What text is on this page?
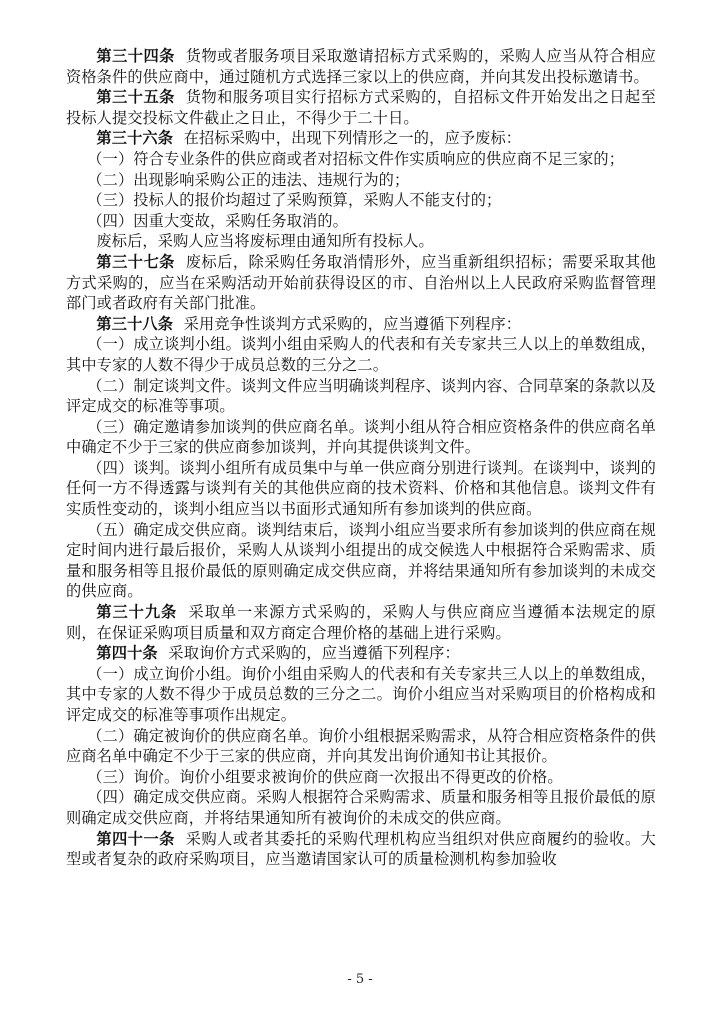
第三十四条 货物或者服务项目采取邀请招标方式采购的，采购人应当从符合相应资格条件的供应商中，通过随机方式选择三家以上的供应商，并向其发出投标邀请书。

第三十五条 货物和服务项目实行招标方式采购的，自招标文件开始发出之日起至投标人提交投标文件截止之日止，不得少于二十日。

第三十六条 在招标采购中，出现下列情形之一的，应予废标：

（一）符合专业条件的供应商或者对招标文件作实质响应的供应商不足三家的；

（二）出现影响采购公正的违法、违规行为的；

（三）投标人的报价均超过了采购预算，采购人不能支付的；

（四）因重大变故，采购任务取消的。

废标后，采购人应当将废标理由通知所有投标人。

第三十七条 废标后，除采购任务取消情形外，应当重新组织招标；需要采取其他方式采购的，应当在采购活动开始前获得设区的市、自治州以上人民政府采购监督管理部门或者政府有关部门批准。

第三十八条 采用竞争性谈判方式采购的，应当遵循下列程序：

（一）成立谈判小组。谈判小组由采购人的代表和有关专家共三人以上的单数组成，其中专家的人数不得少于成员总数的三分之二。

（二）制定谈判文件。谈判文件应当明确谈判程序、谈判内容、合同草案的条款以及评定成交的标准等事项。

（三）确定邀请参加谈判的供应商名单。谈判小组从符合相应资格条件的供应商名单中确定不少于三家的供应商参加谈判，并向其提供谈判文件。

（四）谈判。谈判小组所有成员集中与单一供应商分别进行谈判。在谈判中，谈判的任何一方不得透露与谈判有关的其他供应商的技术资料、价格和其他信息。谈判文件有实质性变动的，谈判小组应当以书面形式通知所有参加谈判的供应商。

（五）确定成交供应商。谈判结束后，谈判小组应当要求所有参加谈判的供应商在规定时间内进行最后报价，采购人从谈判小组提出的成交候选人中根据符合采购需求、质量和服务相等且报价最低的原则确定成交供应商，并将结果通知所有参加谈判的未成交的供应商。

第三十九条 采取单一来源方式采购的，采购人与供应商应当遵循本法规定的原则，在保证采购项目质量和双方商定合理价格的基础上进行采购。

第四十条 采取询价方式采购的，应当遵循下列程序：

（一）成立询价小组。询价小组由采购人的代表和有关专家共三人以上的单数组成，其中专家的人数不得少于成员总数的三分之二。询价小组应当对采购项目的价格构成和评定成交的标准等事项作出规定。

（二）确定被询价的供应商名单。询价小组根据采购需求，从符合相应资格条件的供应商名单中确定不少于三家的供应商，并向其发出询价通知书让其报价。

（三）询价。询价小组要求被询价的供应商一次报出不得更改的价格。

（四）确定成交供应商。采购人根据符合采购需求、质量和服务相等且报价最低的原则确定成交供应商，并将结果通知所有被询价的未成交的供应商。

第四十一条 采购人或者其委托的采购代理机构应当组织对供应商履约的验收。大型或者复杂的政府采购项目，应当邀请国家认可的质量检测机构参加验收

- 5 -
